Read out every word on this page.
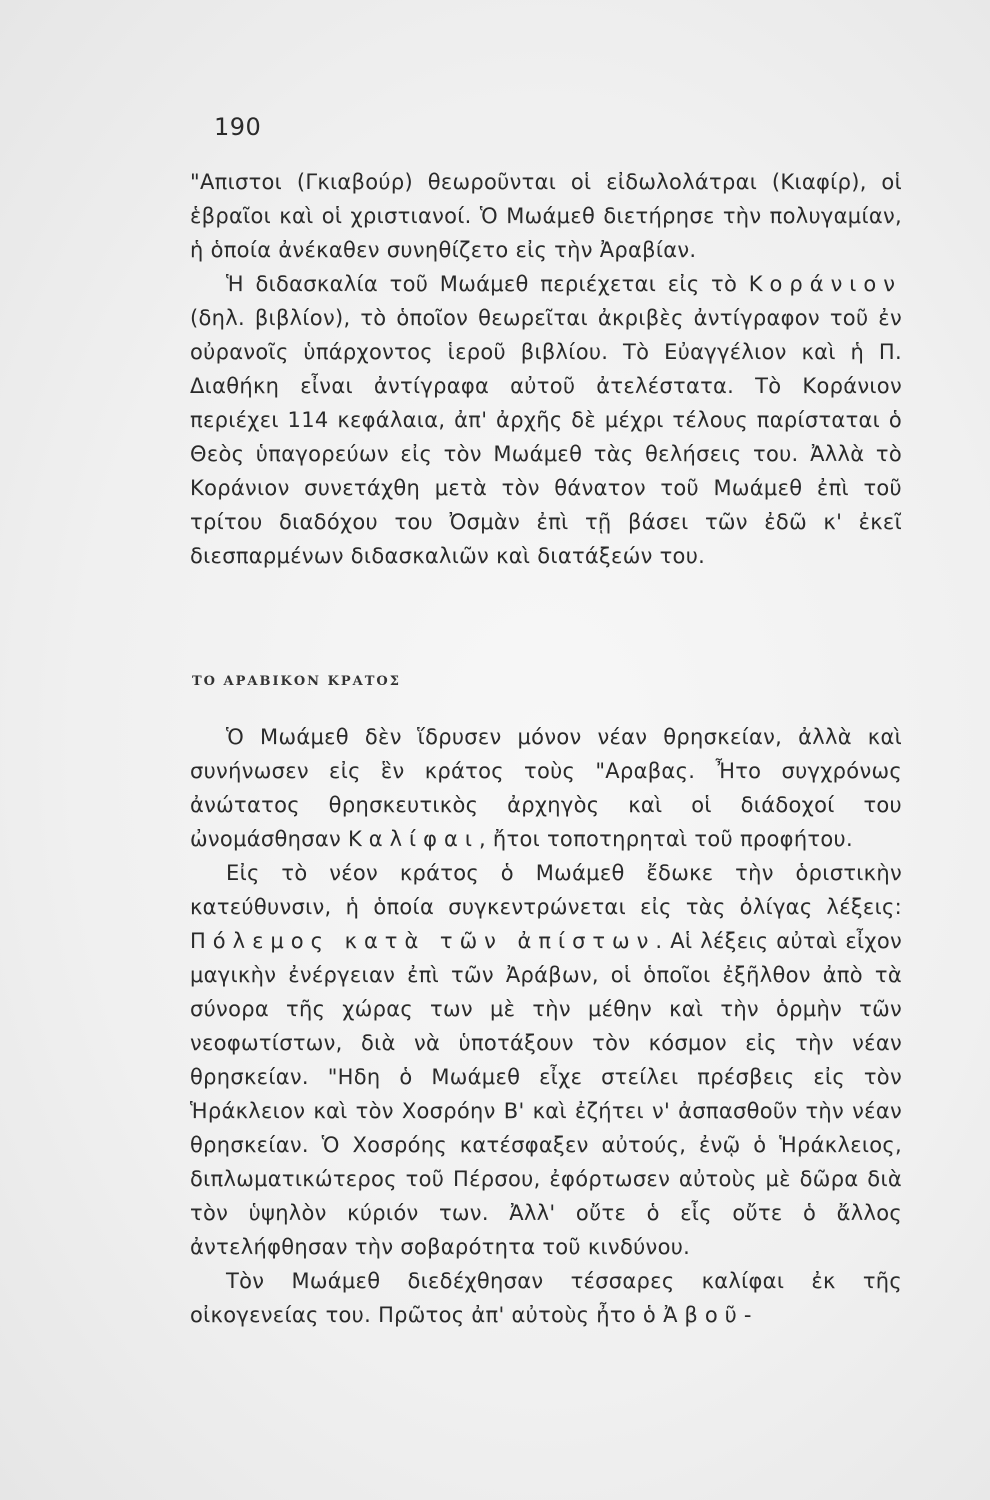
190

"Απιστοι (Γκιαβούρ) θεωροῦνται οἱ εἰδωλολάτραι (Κιαφίρ), οἱ ἑβραῖοι καὶ οἱ χριστιανοί. Ὁ Μωάμεθ διετήρησε τὴν πολυγαμίαν, ἡ ὁποία ἀνέκαθεν συνηθίζετο εἰς τὴν Ἀραβίαν.

Ἡ διδασκαλία τοῦ Μωάμεθ περιέχεται εἰς τὸ Κοράνιον (δηλ. βιβλίον), τὸ ὁποῖον θεωρεῖται ἀκριβὲς ἀντίγραφον τοῦ ἐν οὐρανοῖς ὑπάρχοντος ἱεροῦ βιβλίου. Τὸ Εὐαγγέλιον καὶ ἡ Π. Διαθήκη εἶναι ἀντίγραφα αὐτοῦ ἀτελέστατα. Τὸ Κοράνιον περιέχει 114 κεφάλαια, ἀπ' ἀρχῆς δὲ μέχρι τέλους παρίσταται ὁ Θεὸς ὑπαγορεύων εἰς τὸν Μωάμεθ τὰς θελήσεις του. Ἀλλὰ τὸ Κοράνιον συνετάχθη μετὰ τὸν θάνατον τοῦ Μωάμεθ ἐπὶ τοῦ τρίτου διαδόχου του Ὀσμὰν ἐπὶ τῇ βάσει τῶν ἐδῶ κ' ἐκεῖ διεσπαρμένων διδασκαλιῶν καὶ διατάξεών του.

ΤΟ ΑΡΑΒΙΚΟΝ ΚΡΑΤΟΣ

Ὁ Μωάμεθ δὲν ἵδρυσεν μόνον νέαν θρησκείαν, ἀλλὰ καὶ συνήνωσεν εἰς ἓν κράτος τοὺς "Αραβας. Ἦτο συγχρόνως ἀνώτατος θρησκευτικὸς ἀρχηγὸς καὶ οἱ διάδοχοί του ὠνομάσθησαν Καλίφαι, ἤτοι τοποτηρηταὶ τοῦ προφήτου.

Εἰς τὸ νέον κράτος ὁ Μωάμεθ ἔδωκε τὴν ὁριστικὴν κατεύθυνσιν, ἡ ὁποία συγκεντρώνεται εἰς τὰς ὀλίγας λέξεις: Πόλεμος κατὰ τῶν ἀπίστων. Αἱ λέξεις αὐταὶ εἶχον μαγικὴν ἐνέργειαν ἐπὶ τῶν Ἀράβων, οἱ ὁποῖοι ἐξῆλθον ἀπὸ τὰ σύνορα τῆς χώρας των μὲ τὴν μέθην καὶ τὴν ὁρμὴν τῶν νεοφωτίστων, διὰ νὰ ὑποτάξουν τὸν κόσμον εἰς τὴν νέαν θρησκείαν. "Ηδη ὁ Μωάμεθ εἶχε στείλει πρέσβεις εἰς τὸν Ἡράκλειον καὶ τὸν Χοσρόην Β' καὶ ἐζήτει ν' ἀσπασθοῦν τὴν νέαν θρησκείαν. Ὁ Χοσρόης κατέσφαξεν αὐτούς, ἐνῷ ὁ Ἡράκλειος, διπλωματικώτερος τοῦ Πέρσου, ἐφόρτωσεν αὐτοὺς μὲ δῶρα διὰ τὸν ὑψηλὸν κύριόν των. Ἀλλ' οὔτε ὁ εἷς οὔτε ὁ ἄλλος ἀντελήφθησαν τὴν σοβαρότητα τοῦ κινδύνου.

Τὸν Μωάμεθ διεδέχθησαν τέσσαρες καλίφαι ἐκ τῆς οἰκογενείας του. Πρῶτος ἀπ' αὐτοὺς ἦτο ὁ Ἀβοῦ-
